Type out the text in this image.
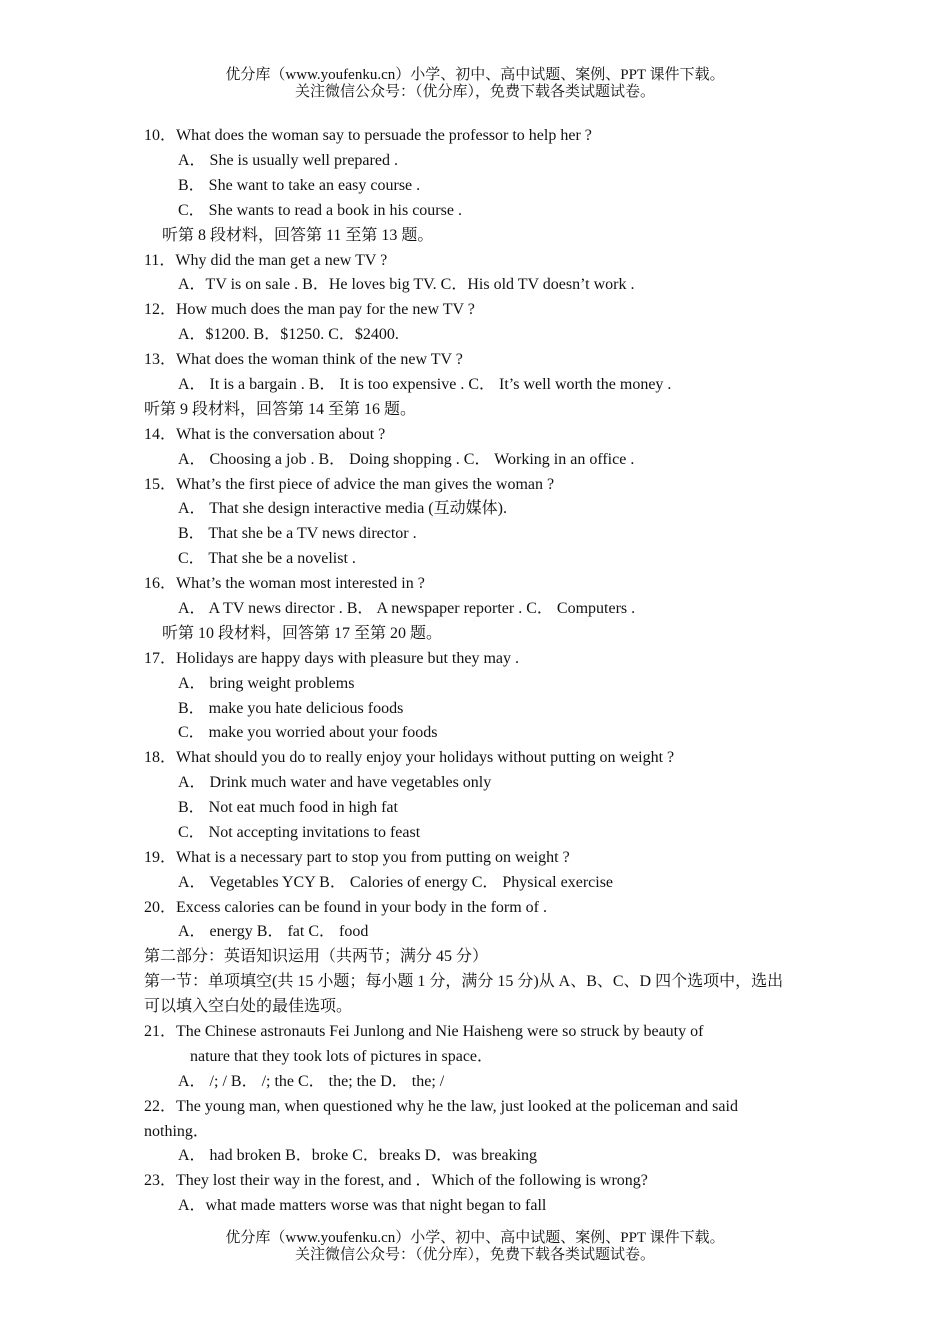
优分库（www.youfenku.cn）小学、初中、高中试题、案例、PPT 课件下载。
关注微信公众号：（优分库），免费下载各类试题试卷。
10．What does the woman say to persuade the professor to help her ?
A． She is usually well prepared .
B． She want to take an easy course .
C． She wants to read a book in his course .
听第 8 段材料，回答第 11 至第 13 题。
11．Why did the man get a new TV ?
A．TV is on sale . B．He loves big TV. C．His old TV doesn’t work .
12．How much does the man pay for the new TV ?
A．$1200. B．$1250. C．$2400.
13．What does the woman think of the new TV ?
A． It is a bargain . B． It is too expensive . C． It’s well worth the money .
听第 9 段材料，回答第 14 至第 16 题。
14．What is the conversation about ?
A． Choosing a job . B． Doing shopping . C． Working in an office .
15．What’s the first piece of advice the man gives the woman ?
A． That she design interactive media (互动媒体).
B． That she be a TV news director .
C． That she be a novelist .
16．What’s the woman most interested in ?
A． A TV news director . B． A newspaper reporter . C． Computers .
听第 10 段材料，回答第 17 至第 20 题。
17．Holidays are happy days with pleasure but they may .
A． bring weight problems
B． make you hate delicious foods
C． make you worried about your foods
18．What should you do to really enjoy your holidays without putting on weight ?
A． Drink much water and have vegetables only
B． Not eat much food in high fat
C． Not accepting invitations to feast
19．What is a necessary part to stop you from putting on weight ?
A． Vegetables YCY B． Calories of energy C． Physical exercise
20．Excess calories can be found in your body in the form of .
A． energy B． fat C． food
第二部分：英语知识运用（共两节；满分 45 分）
第一节：单项填空(共 15 小题；每小题 1 分，满分 15 分)从 A、B、C、D 四个选项中，选出
可以填入空白处的最佳选项。
21．The Chinese astronauts Fei Junlong and Nie Haisheng were so struck by beauty of
nature that they took lots of pictures in space．
A． /; / B． /; the C． the; the D． the; /
22．The young man, when questioned why he the law, just looked at the policeman and said
nothing．
A． had broken B．broke C．breaks D．was breaking
23．They lost their way in the forest, and ．Which of the following is wrong?
A．what made matters worse was that night began to fall
优分库（www.youfenku.cn）小学、初中、高中试题、案例、PPT 课件下载。
关注微信公众号：（优分库），免费下载各类试题试卷。
